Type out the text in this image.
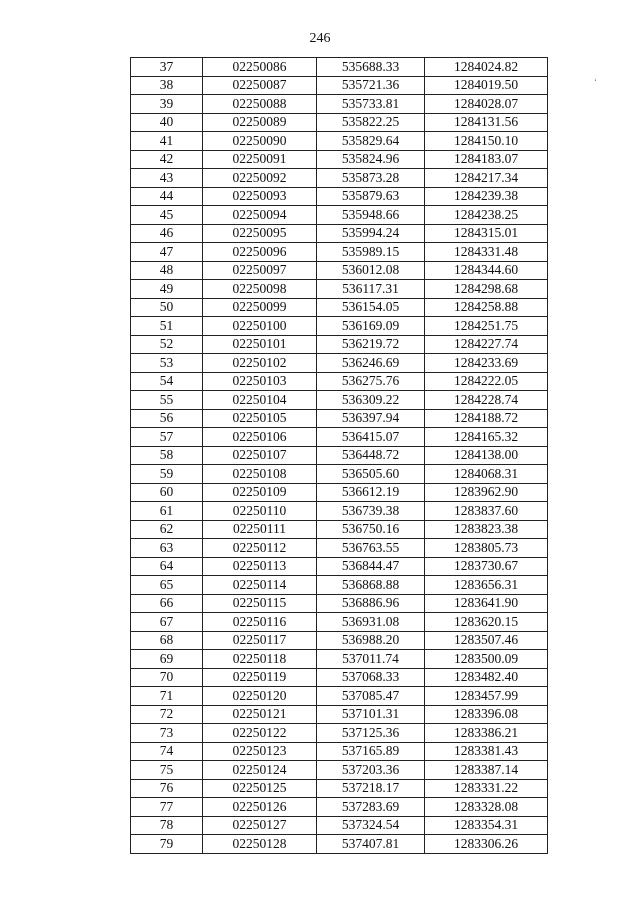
246
‘
37	02250086	535688.33	1284024.82
38	02250087	535721.36	1284019.50
39	02250088	535733.81	1284028.07
40	02250089	535822.25	1284131.56
41	02250090	535829.64	1284150.10
42	02250091	535824.96	1284183.07
43	02250092	535873.28	1284217.34
44	02250093	535879.63	1284239.38
45	02250094	535948.66	1284238.25
46	02250095	535994.24	1284315.01
47	02250096	535989.15	1284331.48
48	02250097	536012.08	1284344.60
49	02250098	536117.31	1284298.68
50	02250099	536154.05	1284258.88
51	02250100	536169.09	1284251.75
52	02250101	536219.72	1284227.74
53	02250102	536246.69	1284233.69
54	02250103	536275.76	1284222.05
55	02250104	536309.22	1284228.74
56	02250105	536397.94	1284188.72
57	02250106	536415.07	1284165.32
58	02250107	536448.72	1284138.00
59	02250108	536505.60	1284068.31
60	02250109	536612.19	1283962.90
61	02250110	536739.38	1283837.60
62	02250111	536750.16	1283823.38
63	02250112	536763.55	1283805.73
64	02250113	536844.47	1283730.67
65	02250114	536868.88	1283656.31
66	02250115	536886.96	1283641.90
67	02250116	536931.08	1283620.15
68	02250117	536988.20	1283507.46
69	02250118	537011.74	1283500.09
70	02250119	537068.33	1283482.40
71	02250120	537085.47	1283457.99
72	02250121	537101.31	1283396.08
73	02250122	537125.36	1283386.21
74	02250123	537165.89	1283381.43
75	02250124	537203.36	1283387.14
76	02250125	537218.17	1283331.22
77	02250126	537283.69	1283328.08
78	02250127	537324.54	1283354.31
79	02250128	537407.81	1283306.26
